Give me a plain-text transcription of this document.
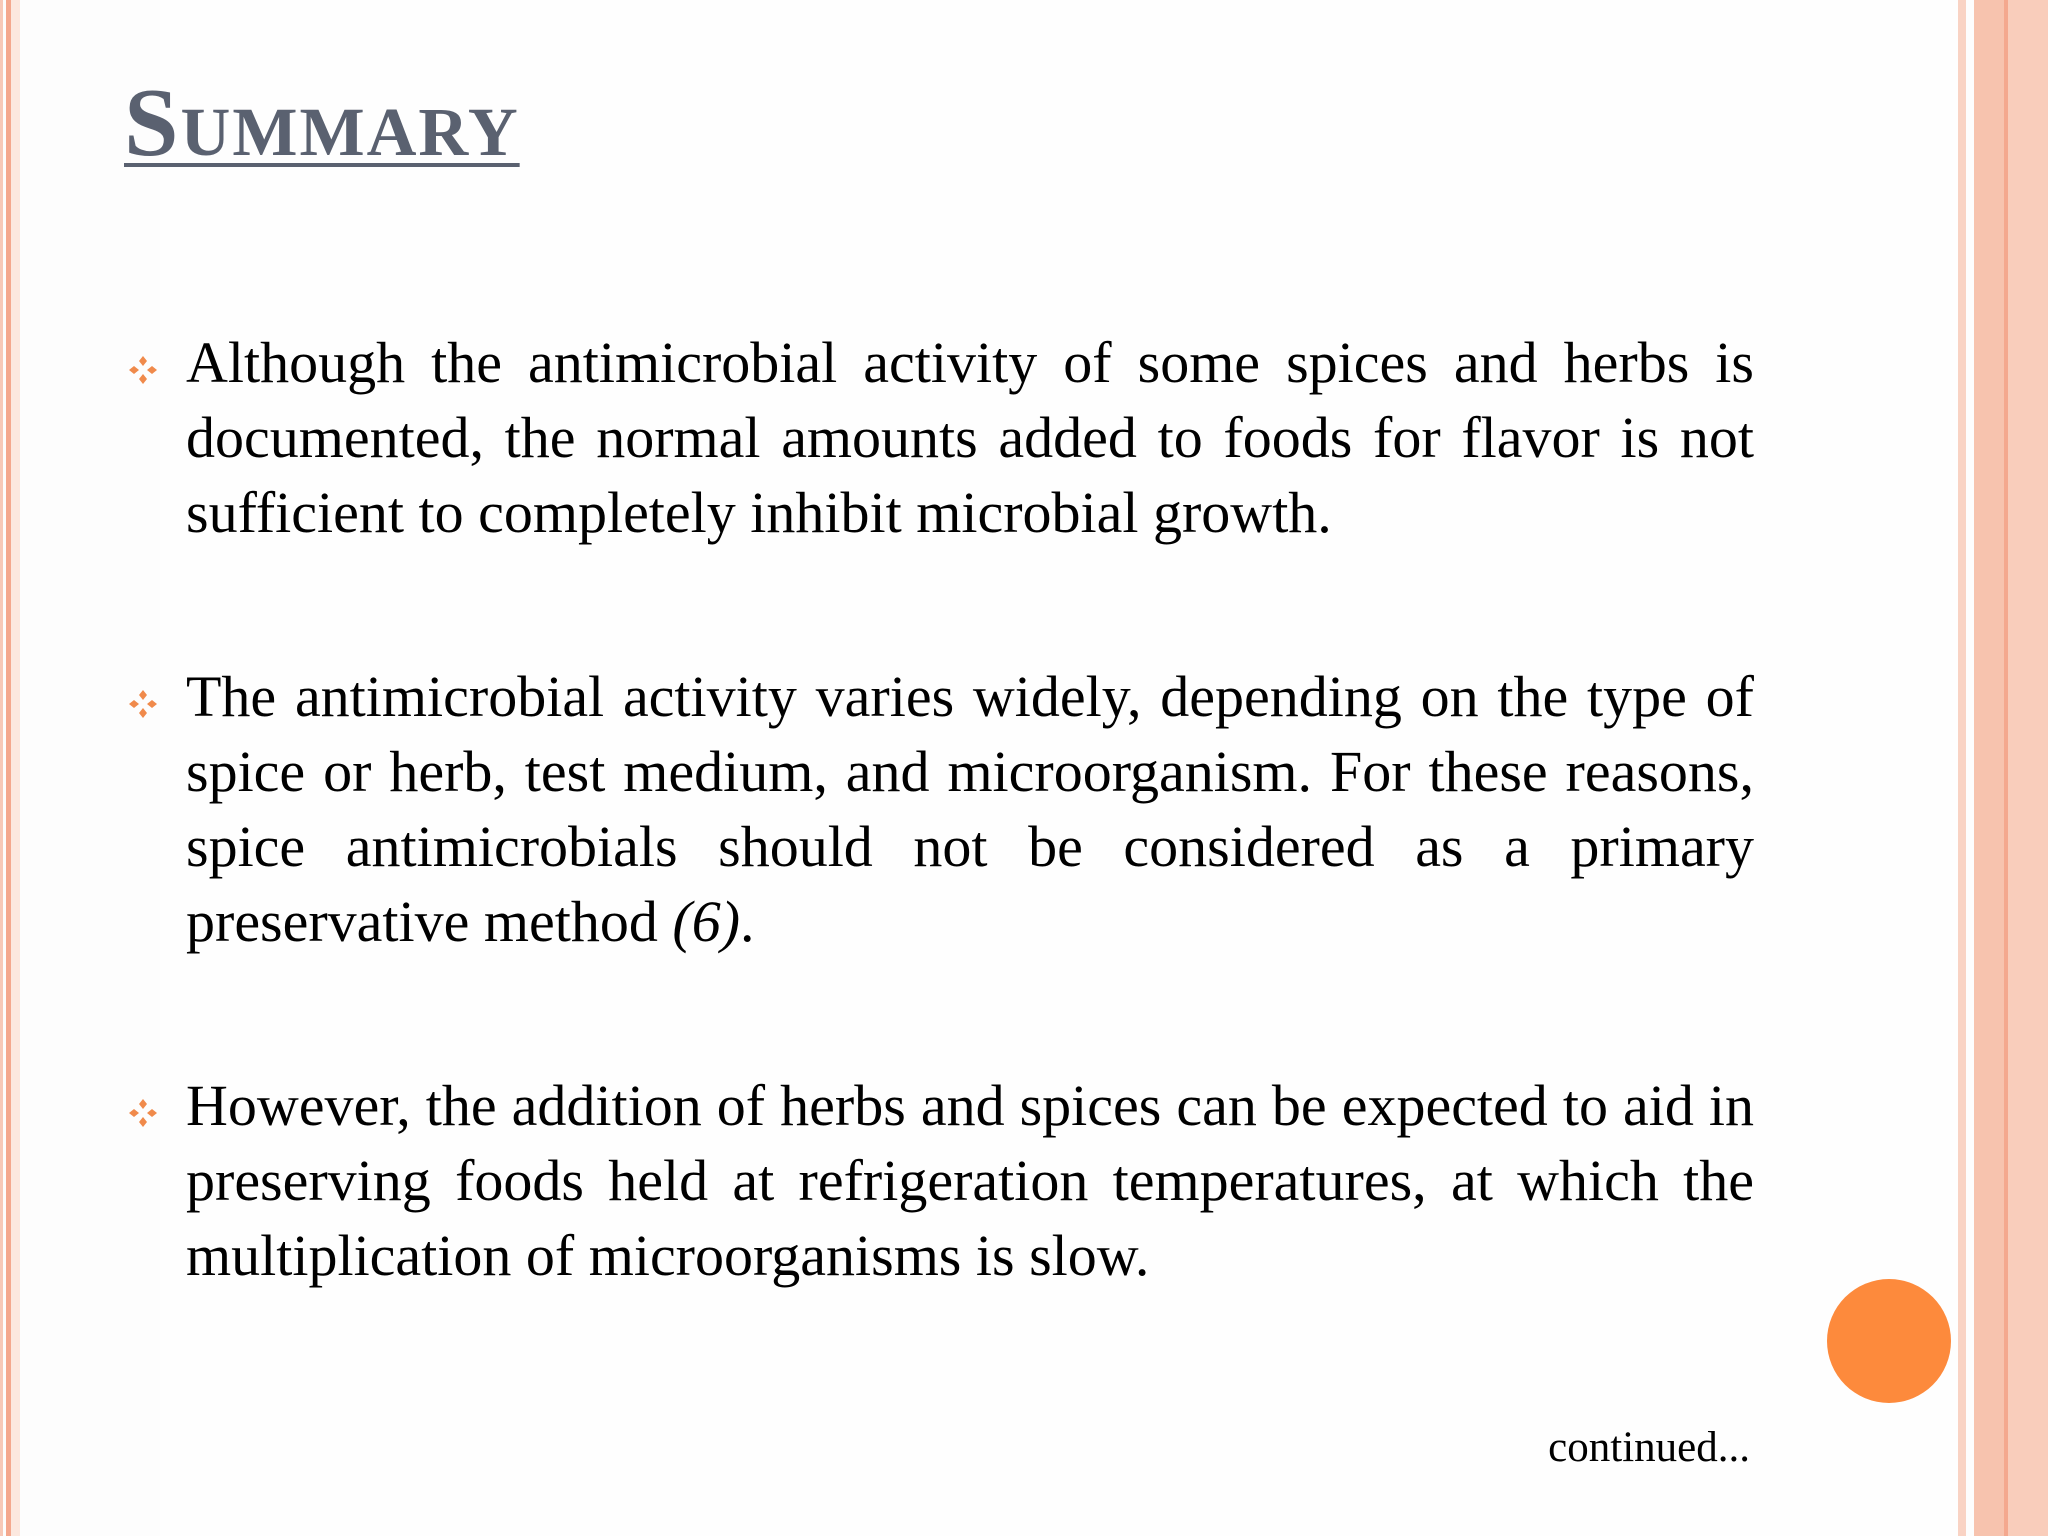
Summary
Although the antimicrobial activity of some spices and herbs is documented, the normal amounts added to foods for flavor is not sufficient to completely inhibit microbial growth.
The antimicrobial activity varies widely, depending on the type of spice or herb, test medium, and microorganism. For these reasons, spice antimicrobials should not be considered as a primary preservative method (6).
However, the addition of herbs and spices can be expected to aid in preserving foods held at refrigeration temperatures, at which the multiplication of microorganisms is slow.
continued...
